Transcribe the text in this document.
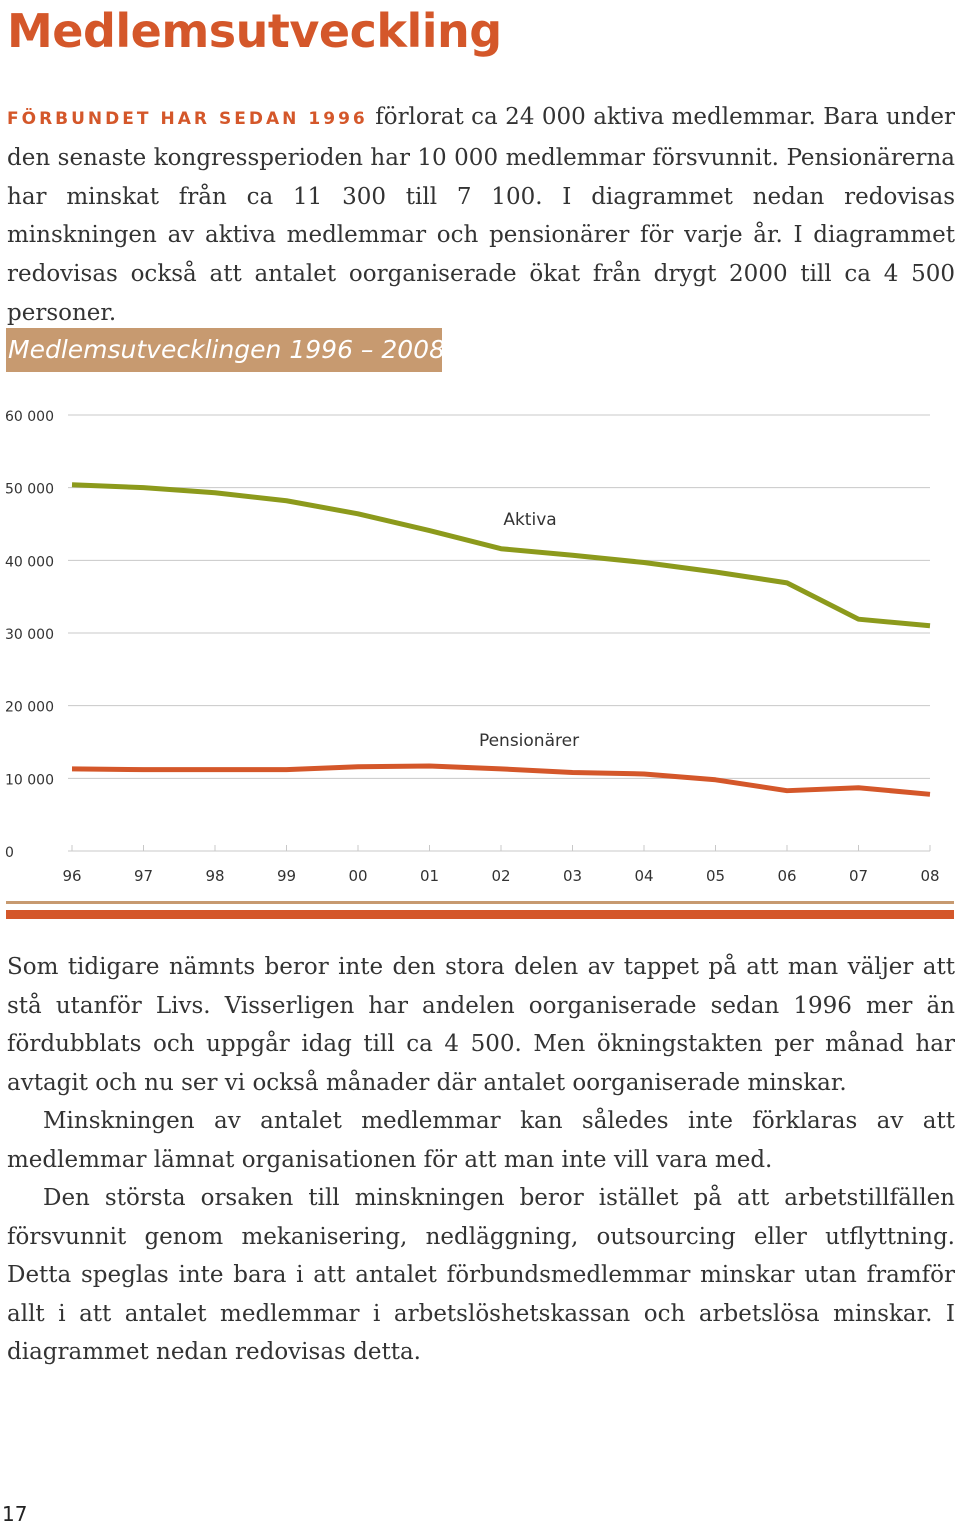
Medlemsutveckling

FÖRBUNDET HAR SEDAN 1996 förlorat ca 24 000 aktiva medlemmar. Bara under den senaste kongressperioden har 10 000 medlemmar försvunnit. Pensionärerna har minskat från ca 11 300 till 7 100. I diagrammet nedan redovisas minskningen av aktiva medlemmar och pensionärer för varje år. I diagrammet redovisas också att antalet oorganiserade ökat från drygt 2000 till ca 4 500 personer.

Medlemsutvecklingen 1996 – 2008
0
10 000
20 000
30 000
40 000
50 000
60 000
96	97	98	99	00	01	02	03	04	05	06	07	08
Aktiva
Pensionärer

Som tidigare nämnts beror inte den stora delen av tappet på att man väljer att stå utanför Livs. Visserligen har andelen oorganiserade sedan 1996 mer än fördubblats och uppgår idag till ca 4 500. Men ökningstakten per månad har avtagit och nu ser vi också månader där antalet oorganiserade minskar.

Minskningen av antalet medlemmar kan således inte förklaras av att medlemmar lämnat organisationen för att man inte vill vara med.

Den största orsaken till minskningen beror istället på att arbetstillfällen försvunnit genom mekanisering, nedläggning, outsourcing eller utflyttning. Detta speglas inte bara i att antalet förbundsmedlemmar minskar utan framför allt i att antalet medlemmar i arbetslöshetskassan och arbetslösa minskar. I diagrammet nedan redovisas detta.

17
